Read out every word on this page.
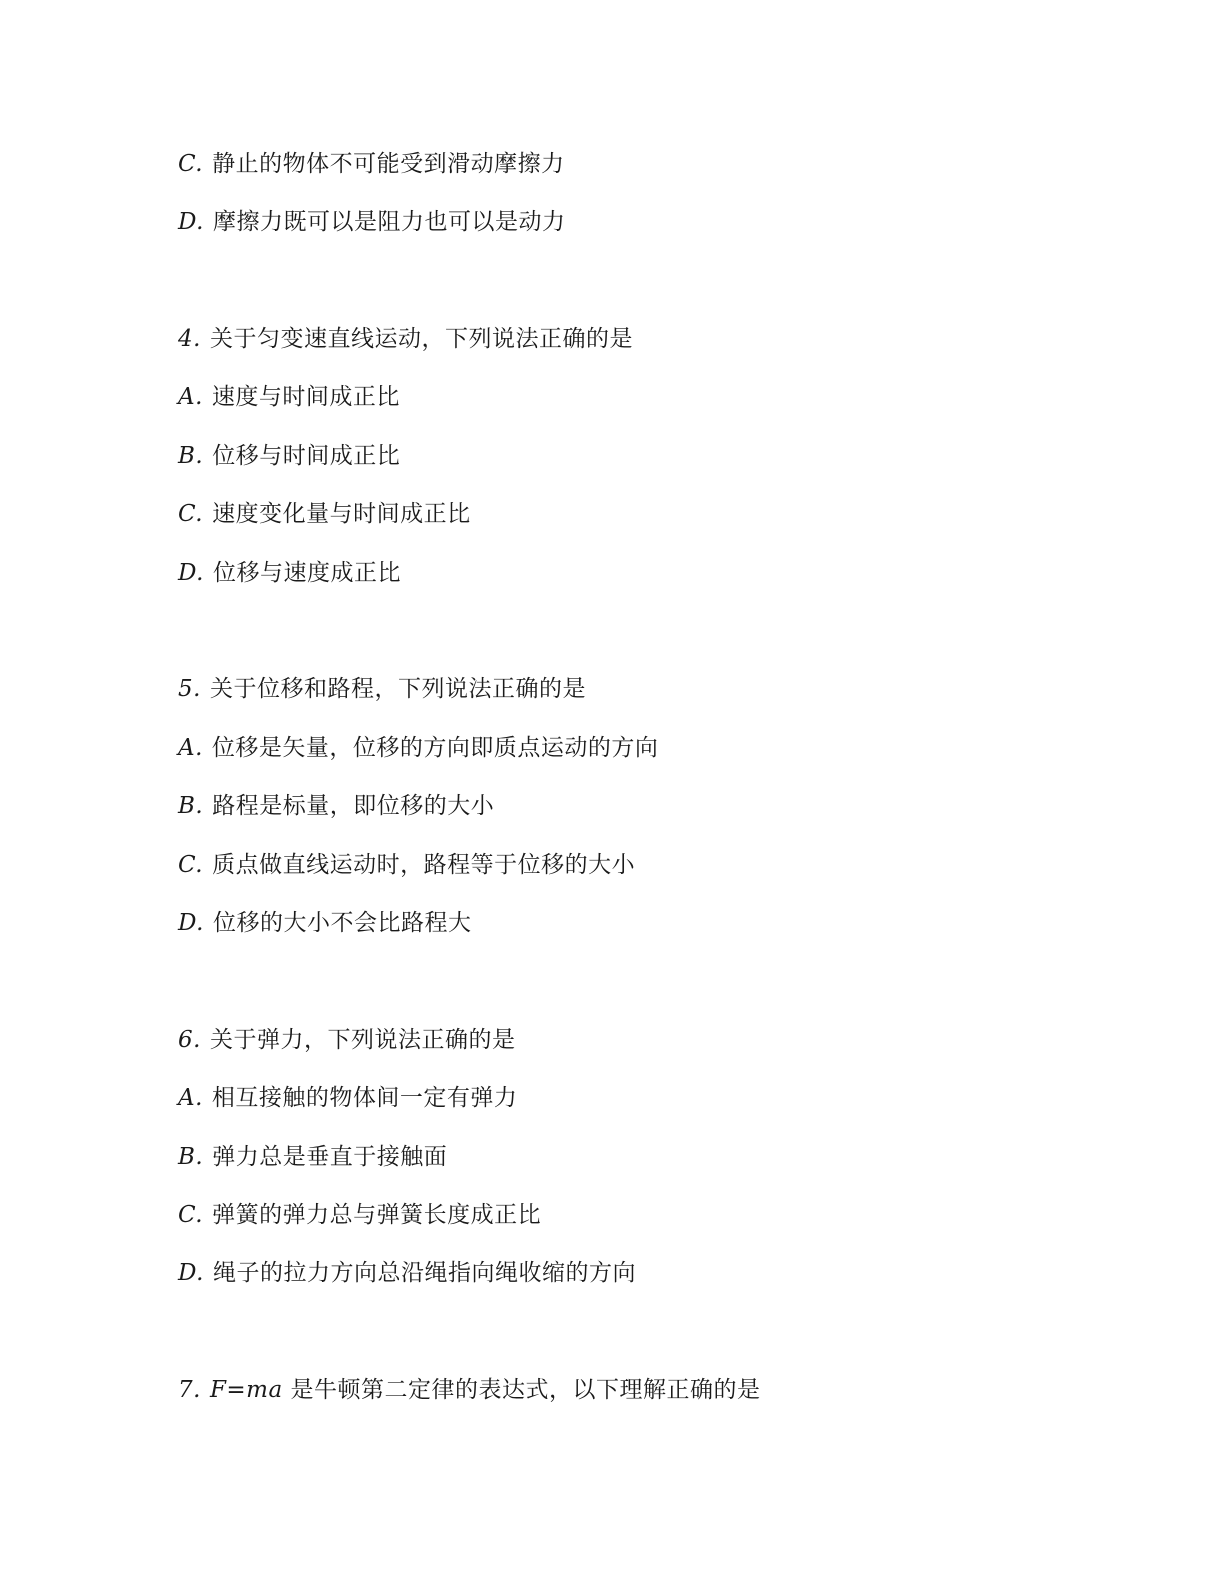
C. 静止的物体不可能受到滑动摩擦力
D. 摩擦力既可以是阻力也可以是动力
4. 关于匀变速直线运动，下列说法正确的是
A. 速度与时间成正比
B. 位移与时间成正比
C. 速度变化量与时间成正比
D. 位移与速度成正比
5. 关于位移和路程，下列说法正确的是
A. 位移是矢量，位移的方向即质点运动的方向
B. 路程是标量，即位移的大小
C. 质点做直线运动时，路程等于位移的大小
D. 位移的大小不会比路程大
6. 关于弹力，下列说法正确的是
A. 相互接触的物体间一定有弹力
B. 弹力总是垂直于接触面
C. 弹簧的弹力总与弹簧长度成正比
D. 绳子的拉力方向总沿绳指向绳收缩的方向
7. F=ma 是牛顿第二定律的表达式，以下理解正确的是
